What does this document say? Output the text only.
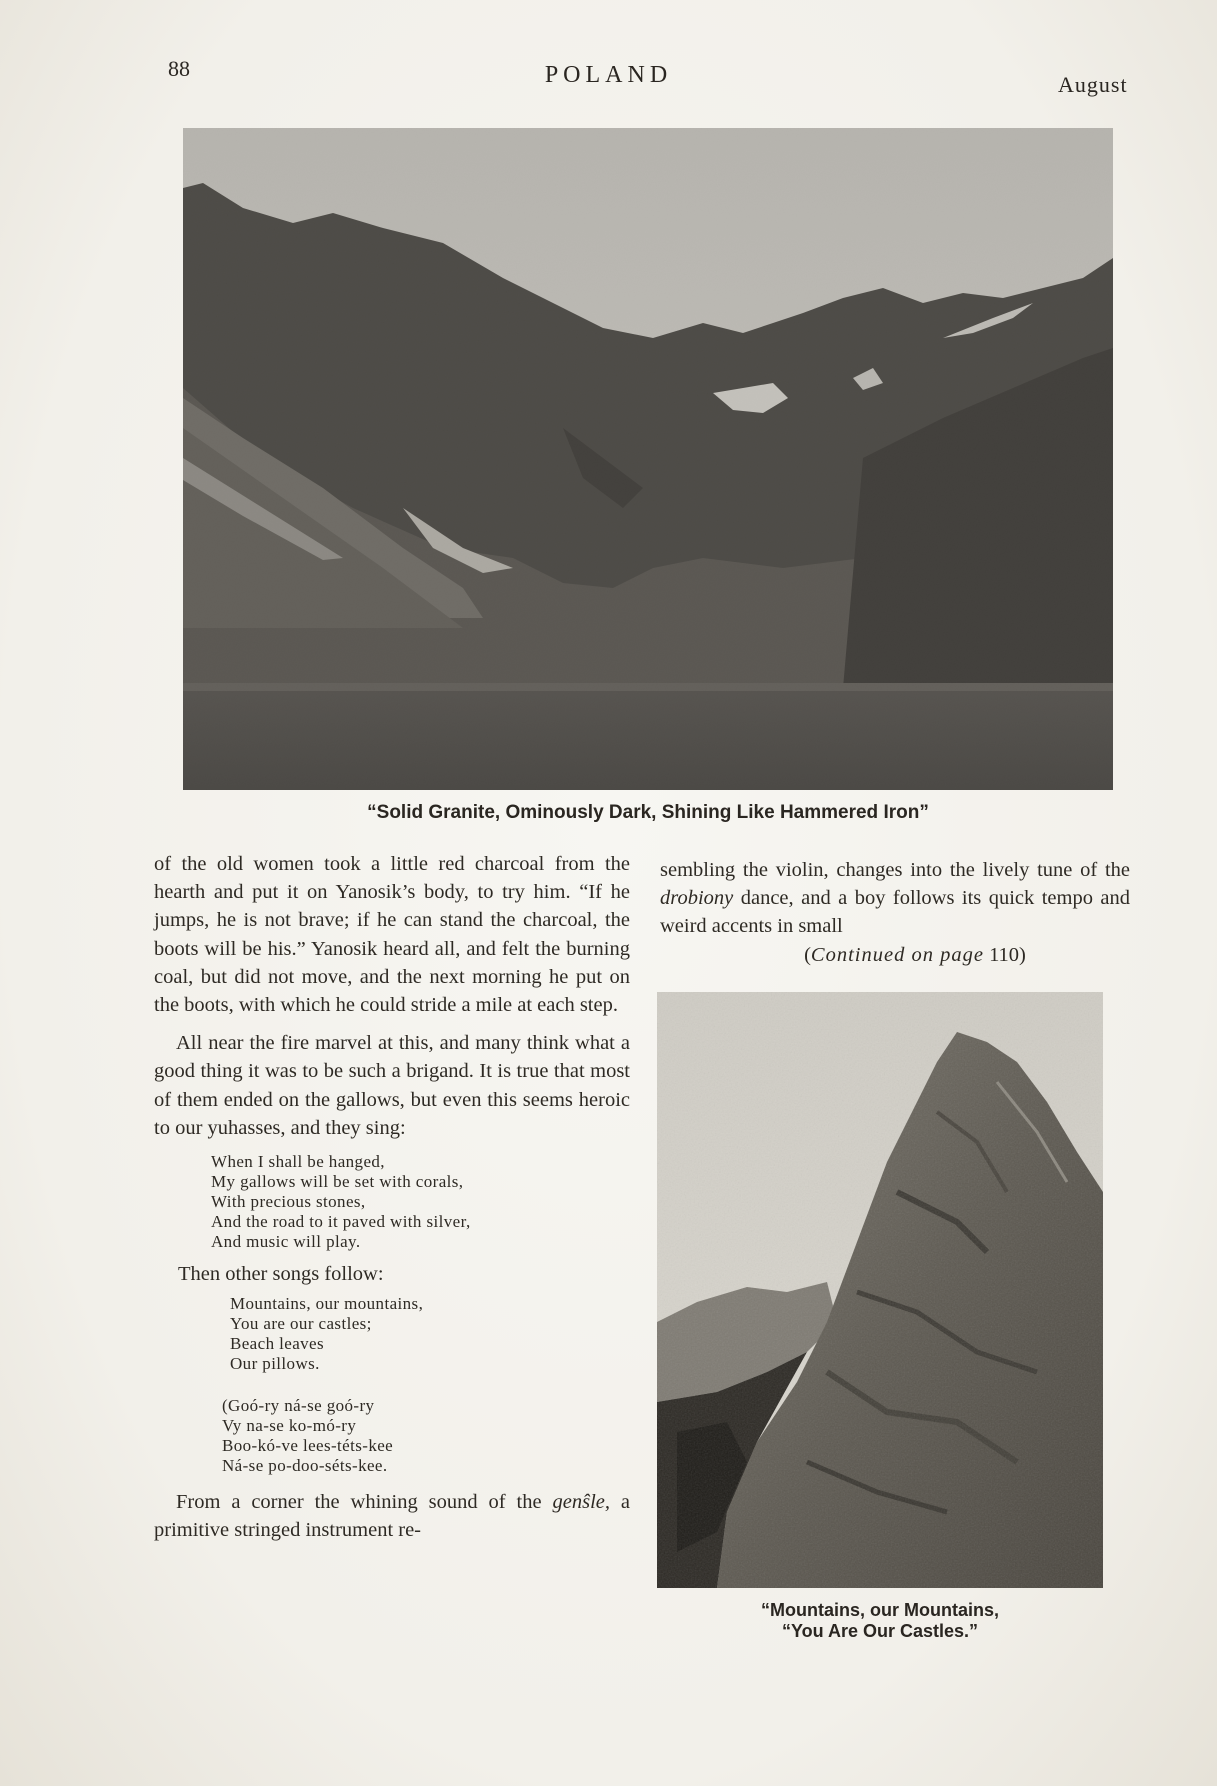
88	POLAND	August
“Solid Granite, Ominously Dark, Shining Like Hammered Iron”

of the old women took a little red charcoal from the hearth and put it on Yanosik’s body, to try him. “If he jumps, he is not brave; if he can stand the charcoal, the boots will be his.” Yanosik heard all, and felt the burning coal, but did not move, and the next morning he put on the boots, with which he could stride a mile at each step.

All near the fire marvel at this, and many think what a good thing it was to be such a brigand. It is true that most of them ended on the gallows, but even this seems heroic to our yuhasses, and they sing:

When I shall be hanged,
My gallows will be set with corals,
With precious stones,
And the road to it paved with silver,
And music will play.
Then other songs follow:
Mountains, our mountains,
You are our castles;
Beach leaves
Our pillows.
(Goó-ry ná-se goó-ry
Vy na-se ko-mó-ry
Boo-kó-ve lees-téts-kee
Ná-se po-doo-séts-kee.

From a corner the whining sound of the genŝle, a primitive stringed instrument re-

sembling the violin, changes into the lively tune of the drobiony dance, and a boy follows its quick tempo and weird accents in small

(Continued on page 110)
“Mountains, our Mountains,
“You Are Our Castles.”
